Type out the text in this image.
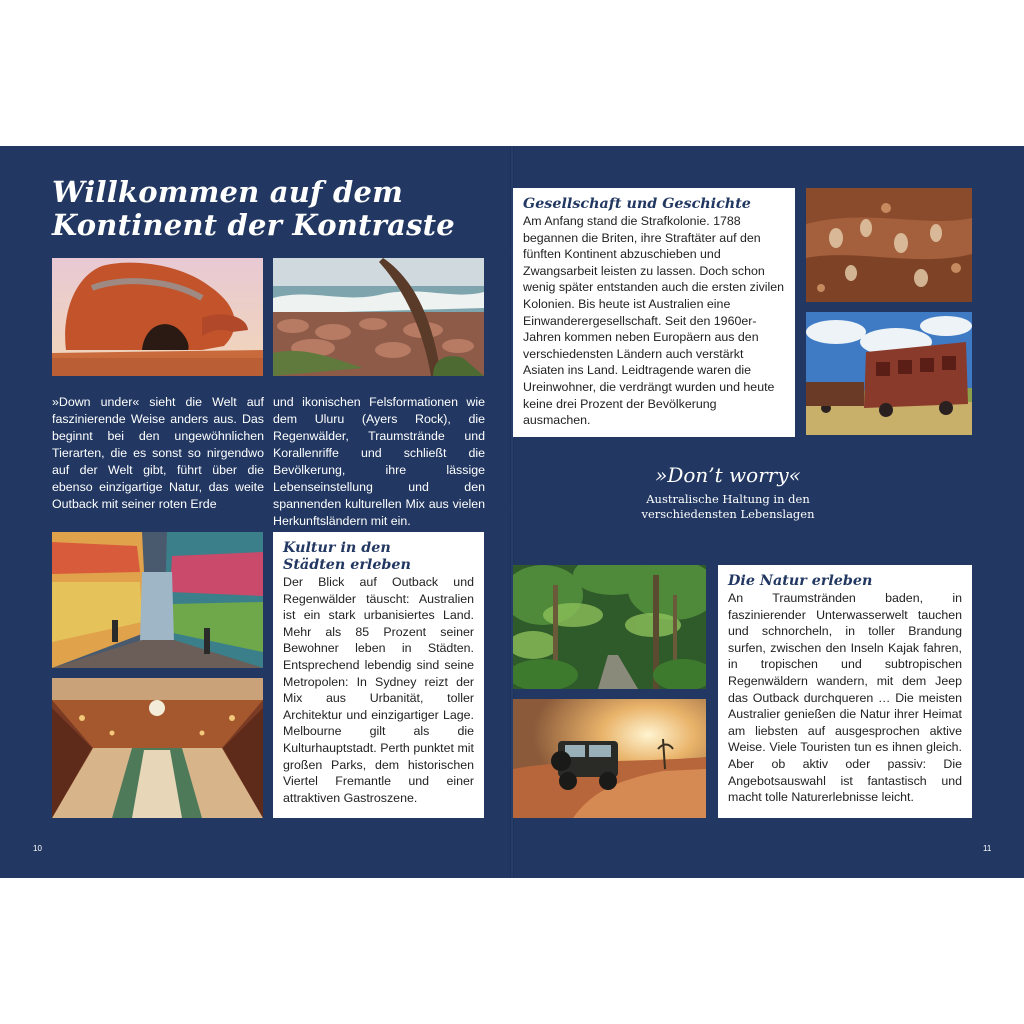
Willkommen auf dem
Kontinent der Kontraste

»Down under« sieht die Welt auf faszinierende Weise anders aus. Das beginnt bei den ungewöhnlichen Tierarten, die es sonst so nirgendwo auf der Welt gibt, führt über die ebenso einzigartige Natur, das weite Outback mit seiner roten Erde

und ikonischen Felsformationen wie dem Uluru (Ayers Rock), die Regenwälder, Traumstrände und Korallenriffe und schließt die Bevölkerung, ihre lässige Lebenseinstellung und den spannenden kulturellen Mix aus vielen Herkunftsländern mit ein.

Kultur in den
Städten erleben

Der Blick auf Outback und Regenwälder täuscht: Australien ist ein stark urbanisiertes Land. Mehr als 85 Prozent seiner Bewohner leben in Städten. Entsprechend lebendig sind seine Metropolen: In Sydney reizt der Mix aus Urbanität, toller Architektur und einzigartiger Lage. Melbourne gilt als die Kulturhauptstadt. Perth punktet mit großen Parks, dem historischen Viertel Fremantle und einer attraktiven Gastroszene.

10
Gesellschaft und Geschichte

Am Anfang stand die Strafkolonie. 1788 begannen die Briten, ihre Straftäter auf den fünften Kontinent abzuschieben und Zwangsarbeit leisten zu lassen. Doch schon wenig später entstanden auch die ersten zivilen Kolonien. Bis heute ist Australien eine Einwanderergesellschaft. Seit den 1960er-Jahren kommen neben Europäern aus den verschiedensten Ländern auch verstärkt Asiaten ins Land. Leidtragende waren die Ureinwohner, die verdrängt wurden und heute keine drei Prozent der Bevölkerung ausmachen.

»Don’t worry«
Australische Haltung in den
verschiedensten Lebenslagen
Die Natur erleben

An Traumstränden baden, in faszinierender Unterwasserwelt tauchen und schnorcheln, in toller Brandung surfen, zwischen den Inseln Kajak fahren, in tropischen und subtropischen Regenwäldern wandern, mit dem Jeep das Outback durchqueren … Die meisten Australier genießen die Natur ihrer Heimat am liebsten auf ausgesprochen aktive Weise. Viele Touristen tun es ihnen gleich. Aber ob aktiv oder passiv: Die Angebotsauswahl ist fantastisch und macht tolle Naturerlebnisse leicht.

11
